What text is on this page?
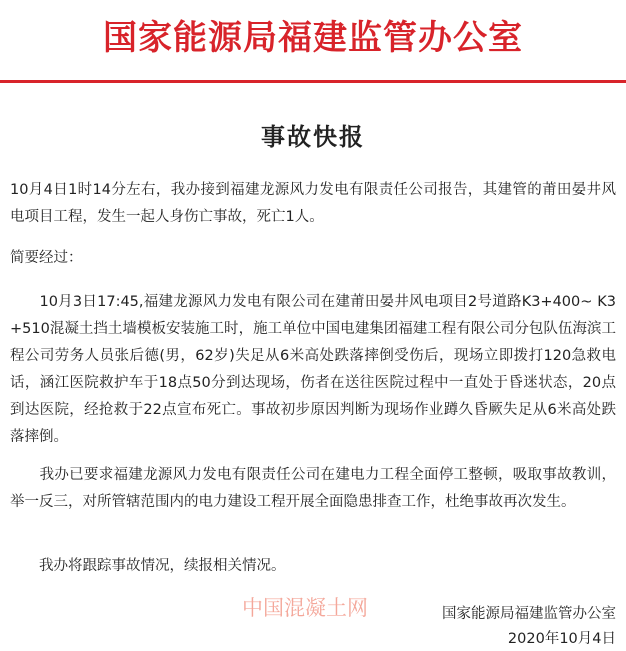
国家能源局福建监管办公室
事故快报

10月4日1时14分左右，我办接到福建龙源风力发电有限责任公司报告，其建管的莆田晏井风电项目工程，发生一起人身伤亡事故，死亡1人。

简要经过：

　　10月3日17:45,福建龙源风力发电有限公司在建莆田晏井风电项目2号道路K3+400~ K3+510混凝土挡土墙模板安装施工时，施工单位中国电建集团福建工程有限公司分包队伍海滨工程公司劳务人员张后德(男，62岁)失足从6米高处跌落摔倒受伤后，现场立即拨打120急救电话，涵江医院救护车于18点50分到达现场，伤者在送往医院过程中一直处于昏迷状态，20点到达医院，经抢救于22点宣布死亡。事故初步原因判断为现场作业蹲久昏厥失足从6米高处跌落摔倒。

　　我办已要求福建龙源风力发电有限责任公司在建电力工程全面停工整顿，吸取事故教训，举一反三，对所管辖范围内的电力建设工程开展全面隐患排查工作，杜绝事故再次发生。

　　我办将跟踪事故情况，续报相关情况。

中国混凝土网	国家能源局福建监管办公室
2020年10月4日
